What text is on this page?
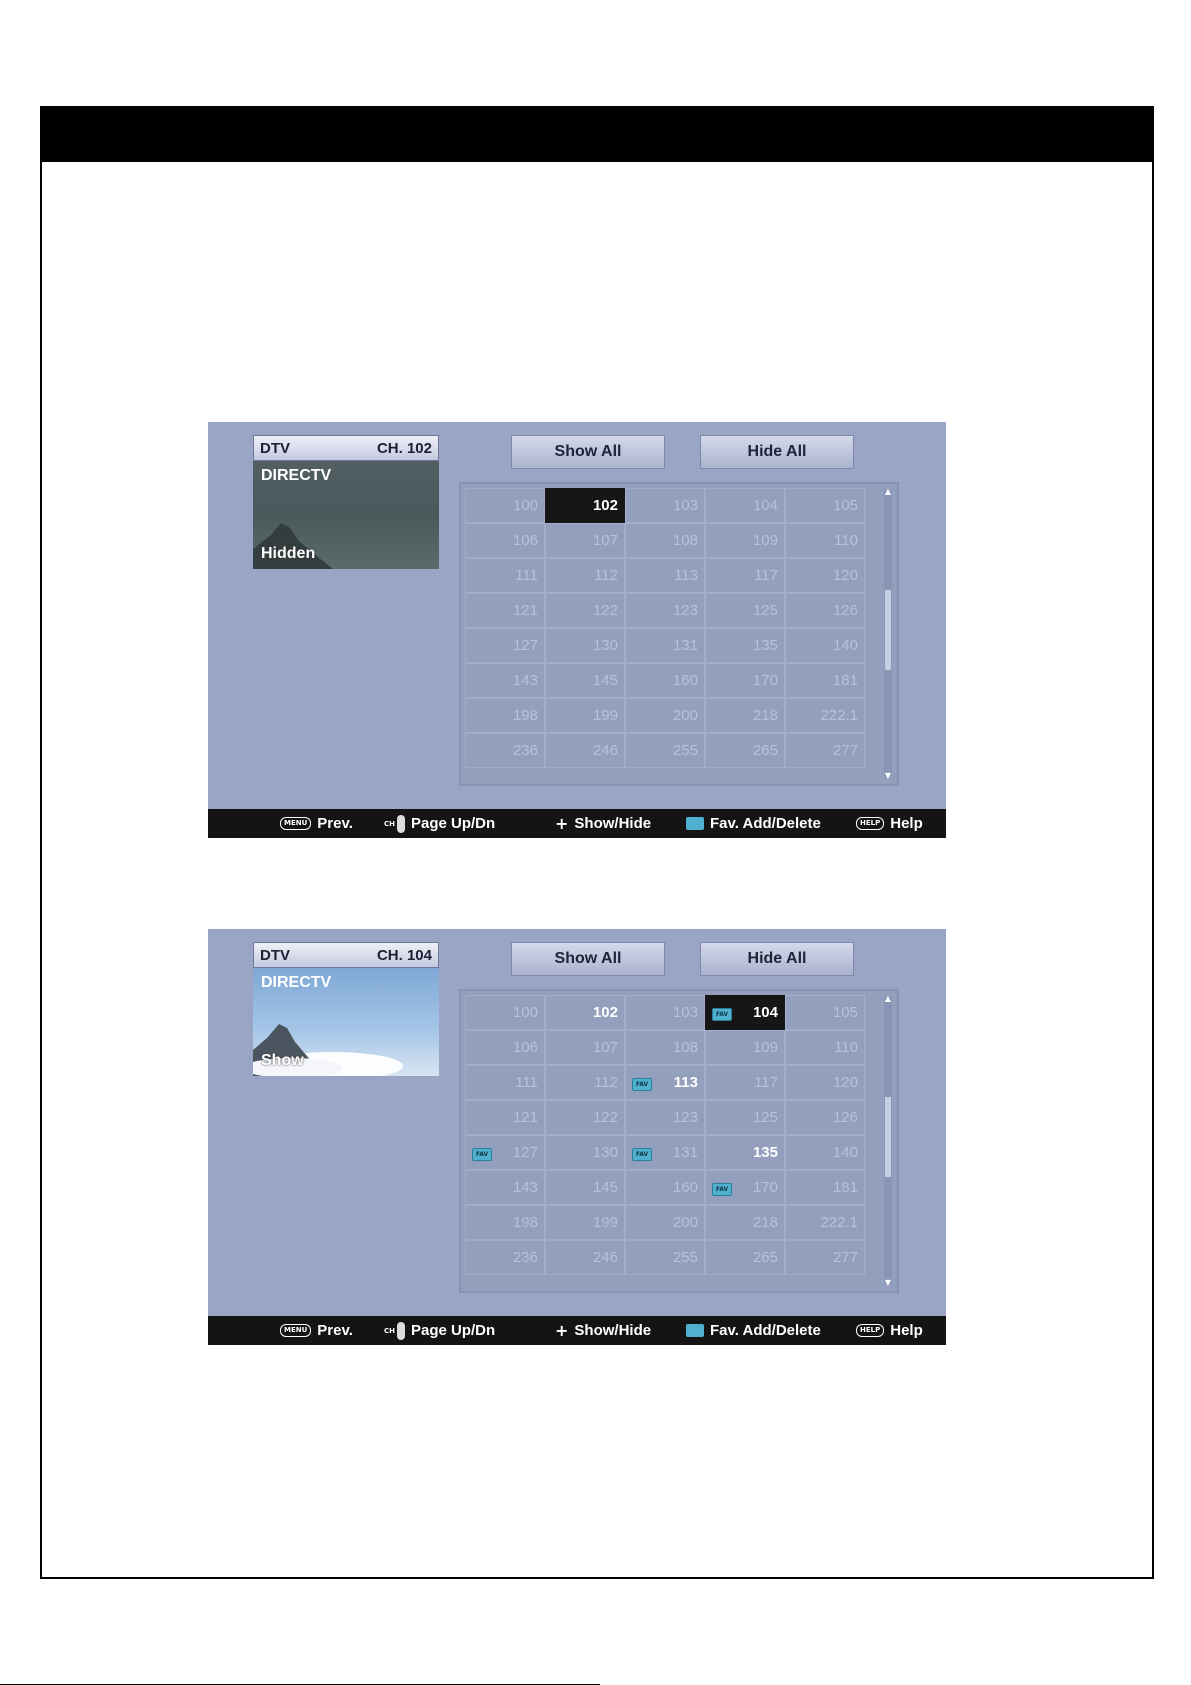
DTV	CH. 102
DIRECTV
Hidden
Show All	Hide All
100	102	103	104	105
106	107	108	109	110
111	112	113	117	120
121	122	123	125	126
127	130	131	135	140
143	145	160	170	181
198	199	200	218	222.1
236	246	255	265	277
▲
▼
MENU Prev.	CH Page Up/Dn	+ Show/Hide	Fav. Add/Delete	HELP Help
DTV	CH. 104
DIRECTV
Show
Show All	Hide All
100	102	103	FAV 104	105
106	107	108	109	110
111	112	FAV 113	117	120
121	122	123	125	126
FAV 127	130	FAV 131	135	140
143	145	160	FAV 170	181
198	199	200	218	222.1
236	246	255	265	277
▲
▼
MENU Prev.	CH Page Up/Dn	+ Show/Hide	Fav. Add/Delete	HELP Help
